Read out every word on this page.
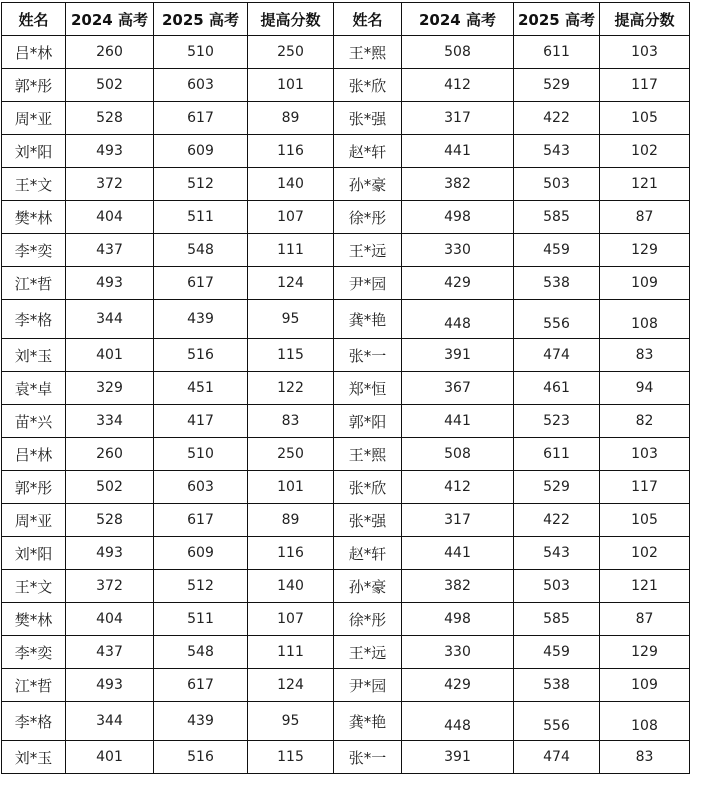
姓名	2024 高考	2025 高考	提高分数	姓名	2024 高考	2025 高考	提高分数
吕*林	260	510	250	王*熙	508	611	103
郭*彤	502	603	101	张*欣	412	529	117
周*亚	528	617	89	张*强	317	422	105
刘*阳	493	609	116	赵*轩	441	543	102
王*文	372	512	140	孙*豪	382	503	121
樊*林	404	511	107	徐*彤	498	585	87
李*奕	437	548	111	王*远	330	459	129
江*哲	493	617	124	尹*园	429	538	109
李*格	344	439	95	龚*艳	448	556	108
刘*玉	401	516	115	张*一	391	474	83
袁*卓	329	451	122	郑*恒	367	461	94
苗*兴	334	417	83	郭*阳	441	523	82
吕*林	260	510	250	王*熙	508	611	103
郭*彤	502	603	101	张*欣	412	529	117
周*亚	528	617	89	张*强	317	422	105
刘*阳	493	609	116	赵*轩	441	543	102
王*文	372	512	140	孙*豪	382	503	121
樊*林	404	511	107	徐*彤	498	585	87
李*奕	437	548	111	王*远	330	459	129
江*哲	493	617	124	尹*园	429	538	109
李*格	344	439	95	龚*艳	448	556	108
刘*玉	401	516	115	张*一	391	474	83
